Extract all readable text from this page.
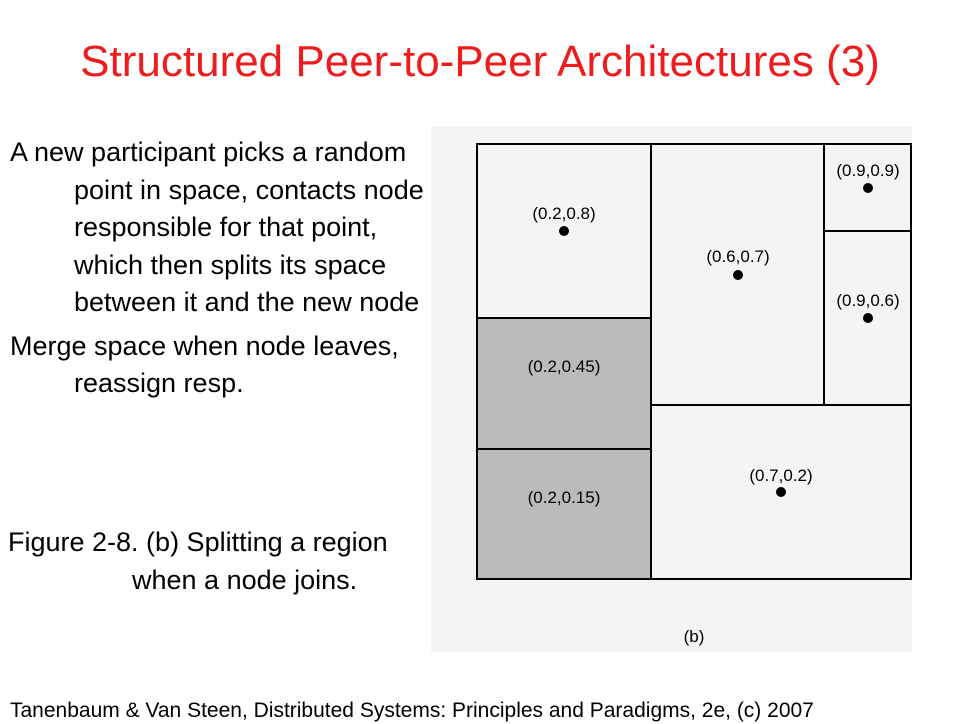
Structured Peer-to-Peer Architectures (3)
A new participant picks a random point in space, contacts node responsible for that point, which then splits its space between it and the new node
Merge space when node leaves, reassign resp.
Figure 2-8. (b) Splitting a region
when a node joins.
(0.2,0.8)
(0.2,0.45)
(0.2,0.15)
(0.6,0.7)
(0.9,0.9)
(0.9,0.6)
(0.7,0.2)
(b)
Tanenbaum & Van Steen, Distributed Systems: Principles and Paradigms, 2e, (c) 2007
